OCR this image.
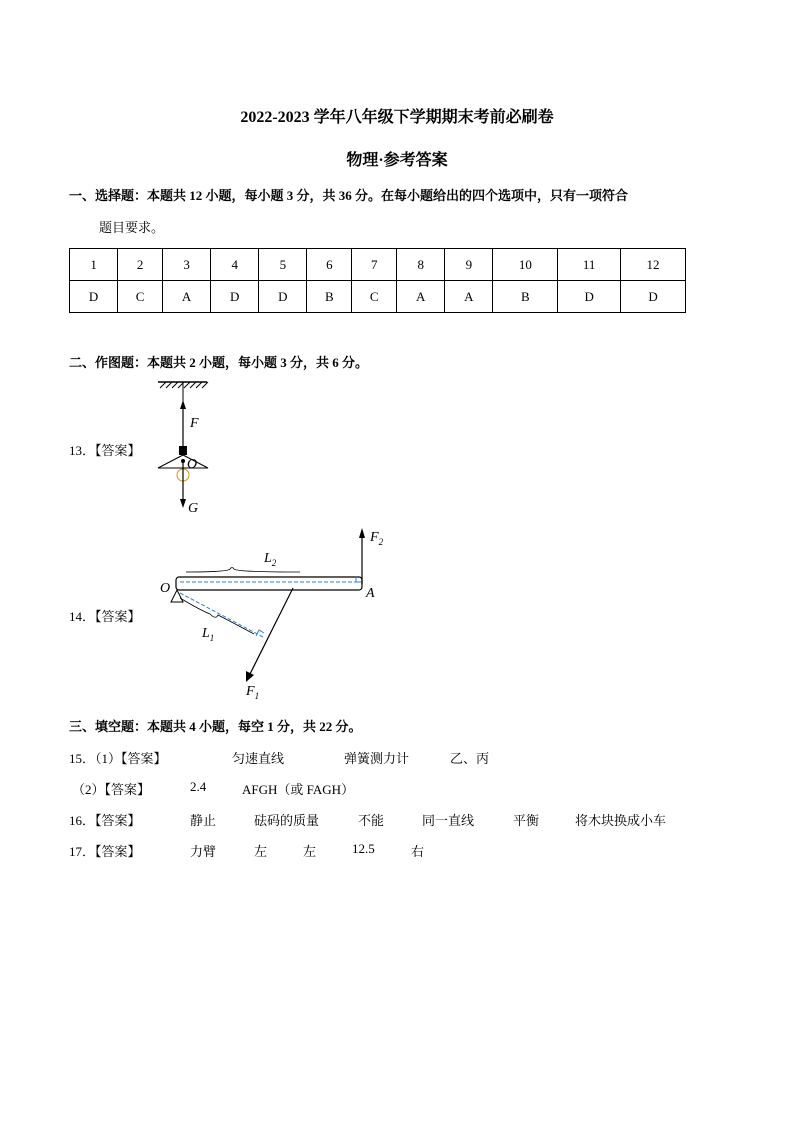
2022-2023 学年八年级下学期期末考前必刷卷
物理·参考答案
一、选择题：本题共 12 小题，每小题 3 分，共 36 分。在每小题给出的四个选项中，只有一项符合
题目要求。
1	2	3	4	5	6	7	8	9	10	11	12
D	C	A	D	D	B	C	A	A	B	D	D
二、作图题：本题共 2 小题，每小题 3 分，共 6 分。
13．【答案】
F
O
G
14．【答案】
O	A
$F_2$
$L_2$
$L_1$
$F_1$
三、填空题：本题共 4 小题，每空 1 分，共 22 分。
15．（1）【答案】	匀速直线	弹簧测力计	乙、丙
（2）【答案】	2.4	AFGH（或 FAGH）
16．【答案】	静止	砝码的质量	不能	同一直线	平衡	将木块换成小车
17．【答案】	力臂	左	左	12.5	右
